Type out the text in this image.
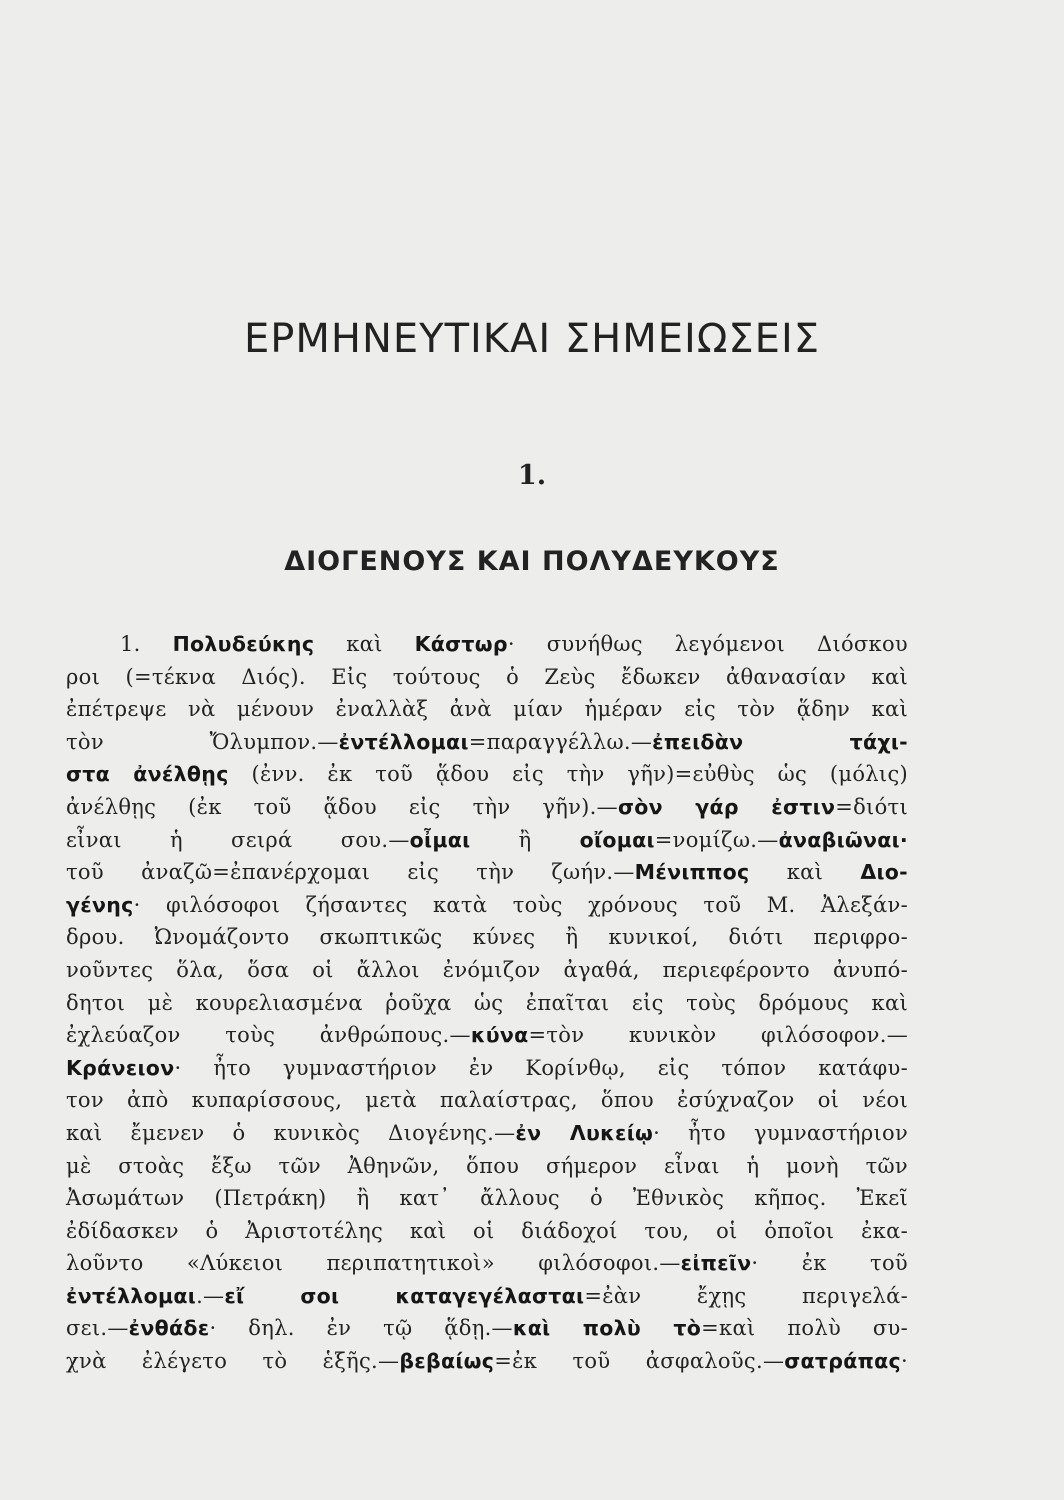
ΕΡΜΗΝΕΥΤΙΚΑΙ ΣΗΜΕΙΩΣΕΙΣ
1.
ΔΙΟΓΕΝΟΥΣ ΚΑΙ ΠΟΛΥΔΕΥΚΟΥΣ
1. Πολυδεύκης καὶ Κάστωρ· συνήθως λεγόμενοι Διόσκου
ροι (=τέκνα Διός). Εἰς τούτους ὁ Ζεὺς ἔδωκεν ἀθανασίαν καὶ
ἐπέτρεψε νὰ μένουν ἐναλλὰξ ἀνὰ μίαν ἡμέραν εἰς τὸν ᾅδην καὶ
τὸν Ὄλυμπον.—ἐντέλλομαι=παραγγέλλω.—ἐπειδὰν τάχι-
στα ἀνέλθῃς (ἐνν. ἐκ τοῦ ᾅδου εἰς τὴν γῆν)=εὐθὺς ὡς (μόλις)
ἀνέλθῃς (ἐκ τοῦ ᾅδου εἰς τὴν γῆν).—σὸν γάρ ἐστιν=διότι
εἶναι ἡ σειρά σου.—οἶμαι ἢ οἴομαι=νομίζω.—ἀναβιῶναι·
τοῦ ἀναζῶ=ἐπανέρχομαι εἰς τὴν ζωήν.—Μένιππος καὶ Διο-
γένης· φιλόσοφοι ζήσαντες κατὰ τοὺς χρόνους τοῦ Μ. Ἀλεξάν-
δρου. Ὠνομάζοντο σκωπτικῶς κύνες ἢ κυνικοί, διότι περιφρο-
νοῦντες ὅλα, ὅσα οἱ ἄλλοι ἐνόμιζον ἀγαθά, περιεφέροντο ἀνυπό-
δητοι μὲ κουρελιασμένα ῥοῦχα ὡς ἐπαῖται εἰς τοὺς δρόμους καὶ
ἐχλεύαζον τοὺς ἀνθρώπους.—κύνα=τὸν κυνικὸν φιλόσοφον.—
Κράνειον· ἦτο γυμναστήριον ἐν Κορίνθῳ, εἰς τόπον κατάφυ-
τον ἀπὸ κυπαρίσσους, μετὰ παλαίστρας, ὅπου ἐσύχναζον οἱ νέοι
καὶ ἔμενεν ὁ κυνικὸς Διογένης.—ἐν Λυκείῳ· ἦτο γυμναστήριον
μὲ στοὰς ἔξω τῶν Ἀθηνῶν, ὅπου σήμερον εἶναι ἡ μονὴ τῶν
Ἀσωμάτων (Πετράκη) ἢ κατ᾽ ἄλλους ὁ Ἐθνικὸς κῆπος. Ἐκεῖ
ἐδίδασκεν ὁ Ἀριστοτέλης καὶ οἱ διάδοχοί του, οἱ ὁποῖοι ἐκα-
λοῦντο «Λύκειοι περιπατητικοὶ» φιλόσοφοι.—εἰπεῖν· ἐκ τοῦ
ἐντέλλομαι.—εἴ σοι καταγεγέλασται=ἐὰν ἔχῃς περιγελά-
σει.—ἐνθάδε· δηλ. ἐν τῷ ᾅδῃ.—καὶ πολὺ τὸ=καὶ πολὺ συ-
χνὰ ἐλέγετο τὸ ἑξῆς.—βεβαίως=ἐκ τοῦ ἀσφαλοῦς.—σατράπας·
